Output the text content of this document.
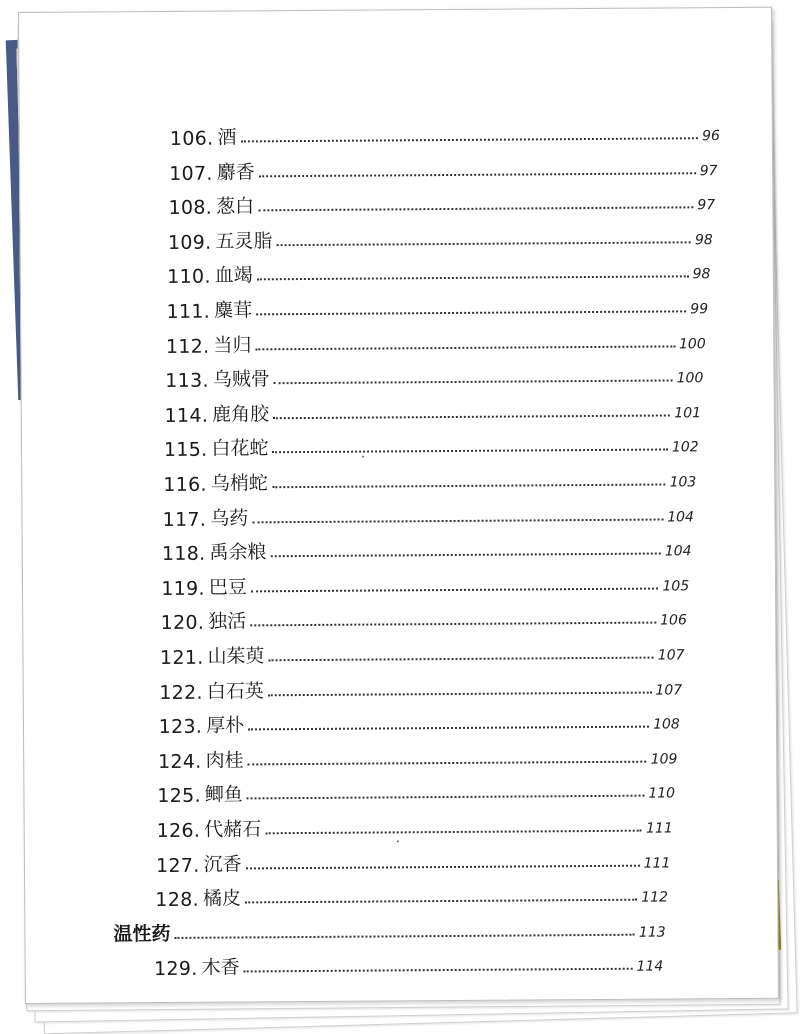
106. 酒	96
107. 麝香	97
108. 葱白	97
109. 五灵脂	98
110. 血竭	98
111. 麋茸	99
112. 当归	100
113. 乌贼骨	100
114. 鹿角胶	101
115. 白花蛇	102
116. 乌梢蛇	103
117. 乌药	104
118. 禹余粮	104
119. 巴豆	105
120. 独活	106
121. 山茱萸	107
122. 白石英	107
123. 厚朴	108
124. 肉桂	109
125. 鲫鱼	110
126. 代赭石	111
127. 沉香	111
128. 橘皮	112
温性药	113
129. 木香	114
